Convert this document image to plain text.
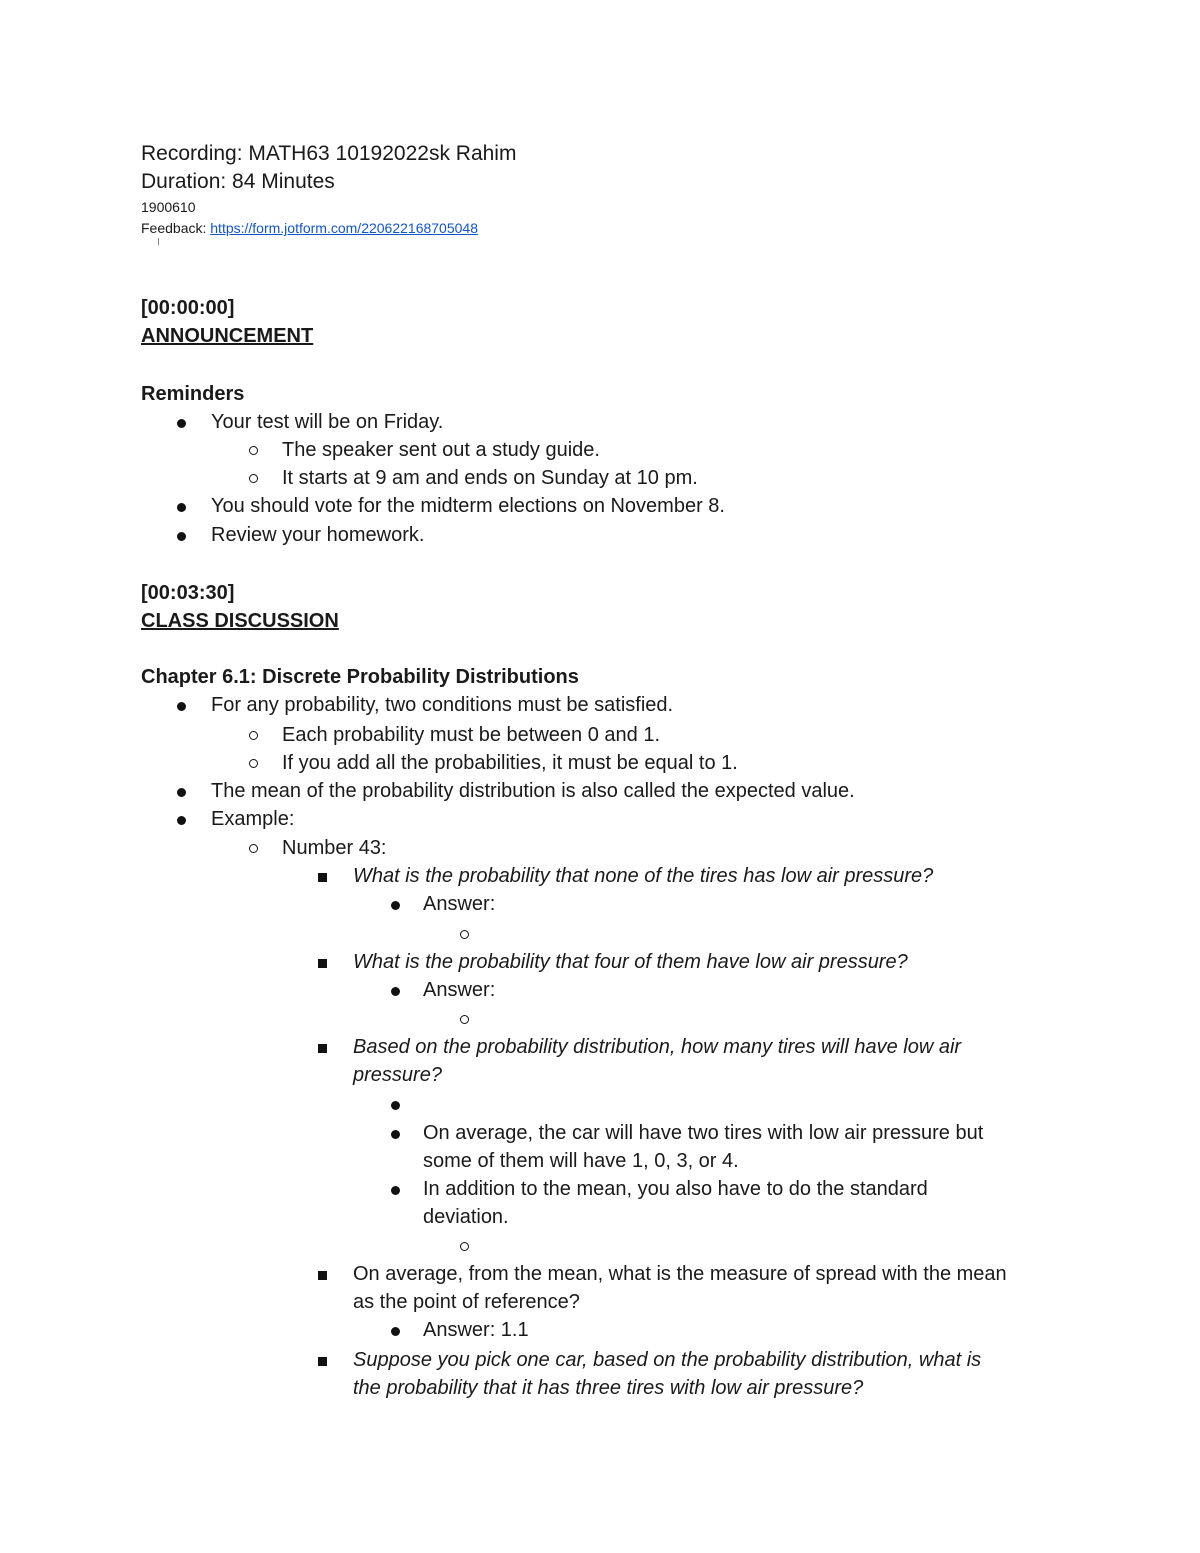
Recording: MATH63 10192022sk Rahim
Duration: 84 Minutes
1900610
Feedback: https://form.jotform.com/220622168705048
[00:00:00]
ANNOUNCEMENT
Reminders
Your test will be on Friday.
The speaker sent out a study guide.
It starts at 9 am and ends on Sunday at 10 pm.
You should vote for the midterm elections on November 8.
Review your homework.
[00:03:30]
CLASS DISCUSSION
Chapter 6.1: Discrete Probability Distributions
For any probability, two conditions must be satisfied.
Each probability must be between 0 and 1.
If you add all the probabilities, it must be equal to 1.
The mean of the probability distribution is also called the expected value.
Example:
Number 43:
What is the probability that none of the tires has low air pressure?
Answer:
What is the probability that four of them have low air pressure?
Answer:
Based on the probability distribution, how many tires will have low air
pressure?
On average, the car will have two tires with low air pressure but
some of them will have 1, 0, 3, or 4.
In addition to the mean, you also have to do the standard
deviation.
On average, from the mean, what is the measure of spread with the mean
as the point of reference?
Answer: 1.1
Suppose you pick one car, based on the probability distribution, what is
the probability that it has three tires with low air pressure?
